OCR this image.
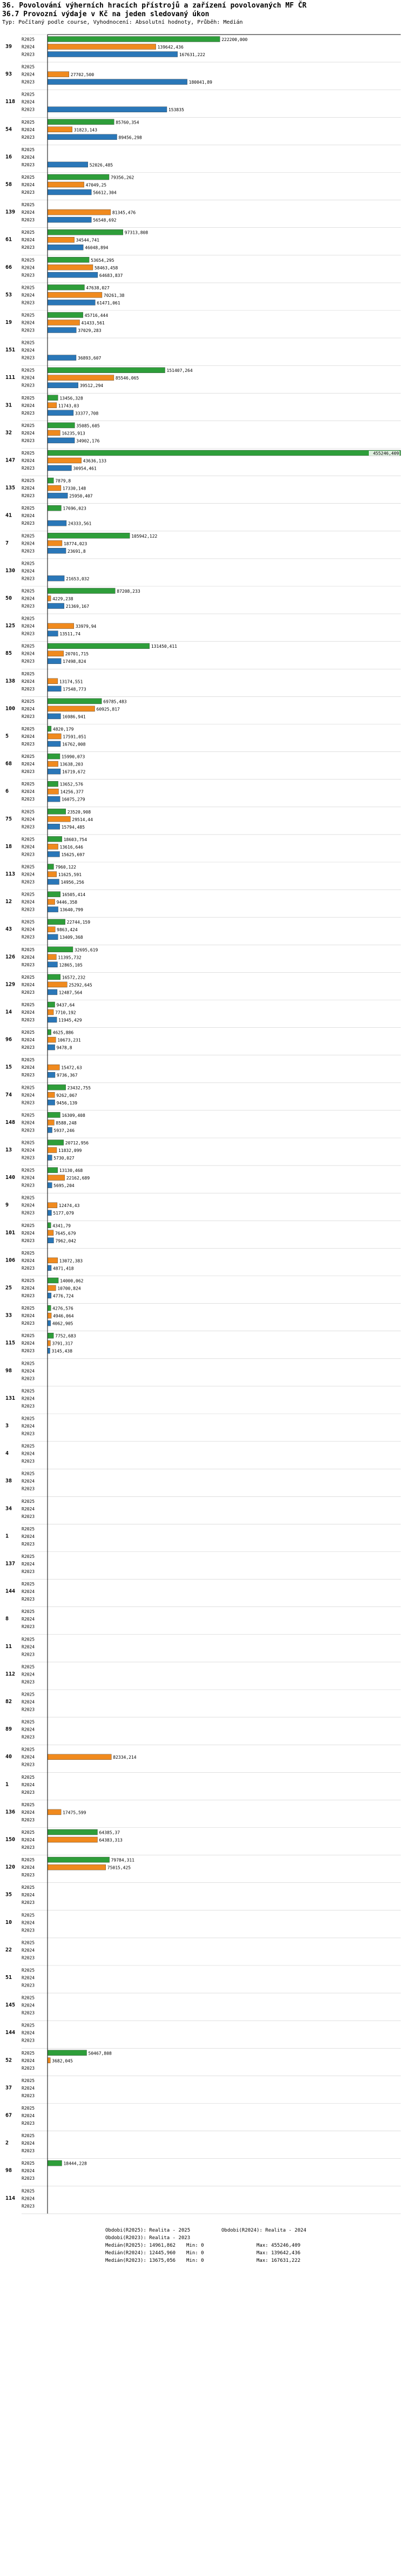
36. Povolování výherních hracích přístrojů a zařízení povolovaných MF ČR
36.7 Provozní výdaje v Kč na jeden sledovaný úkon
Typ: Počítaný podle course, Vyhodnocení: Absolutní hodnoty, Průběh: Medián
39
R2025	222200,000
R2024	139642,436
R2023	167631,222
93
R2025
R2024	27702,500
R2023	180041,89
118
R2025
R2024
R2023	153835
54
R2025	85760,354
R2024	31823,143
R2023	89456,298
16
R2025
R2024
R2023	52026,485
58
R2025	79356,262
R2024	47049,25
R2023	56612,304
139
R2025
R2024	81345,476
R2023	56548,692
61
R2025	97313,808
R2024	34544,741
R2023	46048,894
66
R2025	53654,295
R2024	58463,458
R2023	64683,837
53
R2025	47638,027
R2024	70261,38
R2023	61471,061
19
R2025	45716,444
R2024	41433,561
R2023	37029,283
151
R2025
R2024
R2023	36893,607
111
R2025	151407,264
R2024	85546,065
R2023	39512,294
31
R2025	13456,328
R2024	11743,03
R2023	33377,708
32
R2025	35085,605
R2024	16235,913
R2023	34902,176
147
R2025	455246,409
R2024	43636,133
R2023	30954,461
135
R2025	7879,8
R2024	17330,148
R2023	25950,407
41
R2025	17696,023
R2024
R2023	24333,561
7
R2025	105942,122
R2024	18774,023
R2023	23691,8
130
R2025
R2024
R2023	21653,032
50
R2025	87208,233
R2024	4229,238
R2023	21369,167
125
R2025
R2024	33979,94
R2023	13511,74
85
R2025	131450,411
R2024	20701,715
R2023	17498,824
138
R2025
R2024	13174,551
R2023	17548,773
100
R2025	69785,483
R2024	60925,817
R2023	16986,941
5
R2025	4820,179
R2024	17591,051
R2023	16762,008
68
R2025	15990,073
R2024	13638,203
R2023	16719,672
6
R2025	13652,576
R2024	14256,377
R2023	16075,279
75
R2025	23520,908
R2024	29514,44
R2023	15794,485
18
R2025	18603,754
R2024	13616,646
R2023	15625,697
113
R2025	7960,122
R2024	11625,591
R2023	14956,256
12
R2025	16505,414
R2024	9446,358
R2023	13640,799
43
R2025	22744,159
R2024	9863,424
R2023	13409,368
126
R2025	32695,619
R2024	11395,732
R2023	12865,105
129
R2025	16572,232
R2024	25292,645
R2023	12487,564
14
R2025	9437,64
R2024	7710,192
R2023	11945,429
96
R2025	4625,886
R2024	10673,231
R2023	9478,8
15
R2025
R2024	15472,63
R2023	9736,367
74
R2025	23432,755
R2024	9262,067
R2023	9456,139
148
R2025	16309,408
R2024	8588,248
R2023	5937,246
13
R2025	20712,956
R2024	11832,099
R2023	5730,027
140
R2025	13130,468
R2024	22162,689
R2023	5695,204
9
R2025
R2024	12474,43
R2023	5177,079
101
R2025	4341,79
R2024	7645,679
R2023	7962,042
106
R2025
R2024	13072,383
R2023	4871,418
25
R2025	14000,062
R2024	10700,824
R2023	4776,724
33
R2025	4276,576
R2024	4946,064
R2023	4062,905
115
R2025	7752,683
R2024	3791,317
R2023	3145,438
98
R2025
R2024
R2023
131
R2025
R2024
R2023
3
R2025
R2024
R2023
4
R2025
R2024
R2023
38
R2025
R2024
R2023
34
R2025
R2024
R2023
1
R2025
R2024
R2023
137
R2025
R2024
R2023
144
R2025
R2024
R2023
8
R2025
R2024
R2023
11
R2025
R2024
R2023
112
R2025
R2024
R2023
82
R2025
R2024
R2023
89
R2025
R2024
R2023
40
R2025
R2024	82334,214
R2023
1
R2025
R2024
R2023
136
R2025
R2024	17475,599
R2023
150
R2025	64385,37
R2024	64383,313
R2023
120
R2025	79784,311
R2024	75015,425
R2023
35
R2025
R2024
R2023
10
R2025
R2024
R2023
22
R2025
R2024
R2023
51
R2025
R2024
R2023
145
R2025
R2024
R2023
144
R2025
R2024
R2023
52
R2025	50467,808
R2024	3682,045
R2023
37
R2025
R2024
R2023
67
R2025
R2024
R2023
2
R2025
R2024
R2023
98
R2025	18444,228
R2024
R2023
114
R2025
R2024
R2023
Obdobi(R2025): Realita - 2025	Obdobi(R2024): Realita - 2024
Obdobi(R2023): Realita - 2023
Medián(R2025): 14961,862 Min: 0	Max: 455246,409
Medián(R2024): 12445,960 Min: 0	Max: 139642,436
Medián(R2023): 13675,056 Min: 0	Max: 167631,222
